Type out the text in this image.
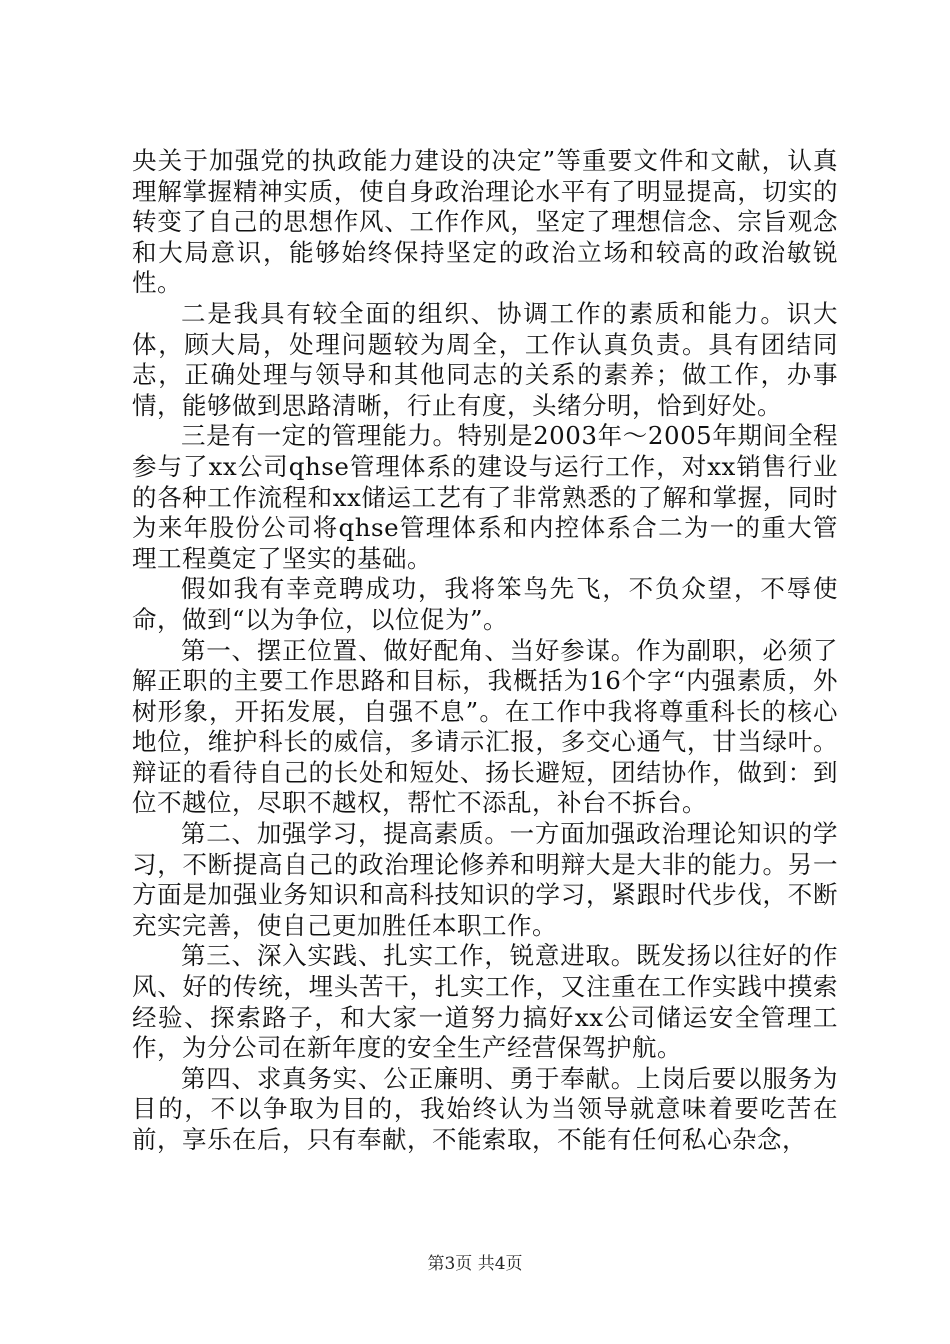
央关于加强党的执政能力建设的决定”等重要文件和文献，认真理解掌握精神实质，使自身政治理论水平有了明显提高，切实的转变了自己的思想作风、工作作风，坚定了理想信念、宗旨观念和大局意识，能够始终保持坚定的政治立场和较高的政治敏锐性。

二是我具有较全面的组织、协调工作的素质和能力。识大体，顾大局，处理问题较为周全，工作认真负责。具有团结同志，正确处理与领导和其他同志的关系的素养；做工作，办事情，能够做到思路清晰，行止有度，头绪分明，恰到好处。

三是有一定的管理能力。特别是2003年～2005年期间全程参与了xx公司qhse管理体系的建设与运行工作，对xx销售行业的各种工作流程和xx储运工艺有了非常熟悉的了解和掌握，同时为来年股份公司将qhse管理体系和内控体系合二为一的重大管理工程奠定了坚实的基础。

假如我有幸竞聘成功，我将笨鸟先飞，不负众望，不辱使命，做到“以为争位，以位促为”。

第一、摆正位置、做好配角、当好参谋。作为副职，必须了解正职的主要工作思路和目标，我概括为16个字“内强素质，外树形象，开拓发展，自强不息”。在工作中我将尊重科长的核心地位，维护科长的威信，多请示汇报，多交心通气，甘当绿叶。辩证的看待自己的长处和短处、扬长避短，团结协作，做到：到位不越位，尽职不越权，帮忙不添乱，补台不拆台。

第二、加强学习，提高素质。一方面加强政治理论知识的学习，不断提高自己的政治理论修养和明辩大是大非的能力。另一方面是加强业务知识和高科技知识的学习，紧跟时代步伐，不断充实完善，使自己更加胜任本职工作。

第三、深入实践、扎实工作，锐意进取。既发扬以往好的作风、好的传统，埋头苦干，扎实工作，又注重在工作实践中摸索经验、探索路子，和大家一道努力搞好xx公司储运安全管理工作，为分公司在新年度的安全生产经营保驾护航。

第四、求真务实、公正廉明、勇于奉献。上岗后要以服务为目的，不以争取为目的，我始终认为当领导就意味着要吃苦在前，享乐在后，只有奉献，不能索取，不能有任何私心杂念，

第3页 共4页
